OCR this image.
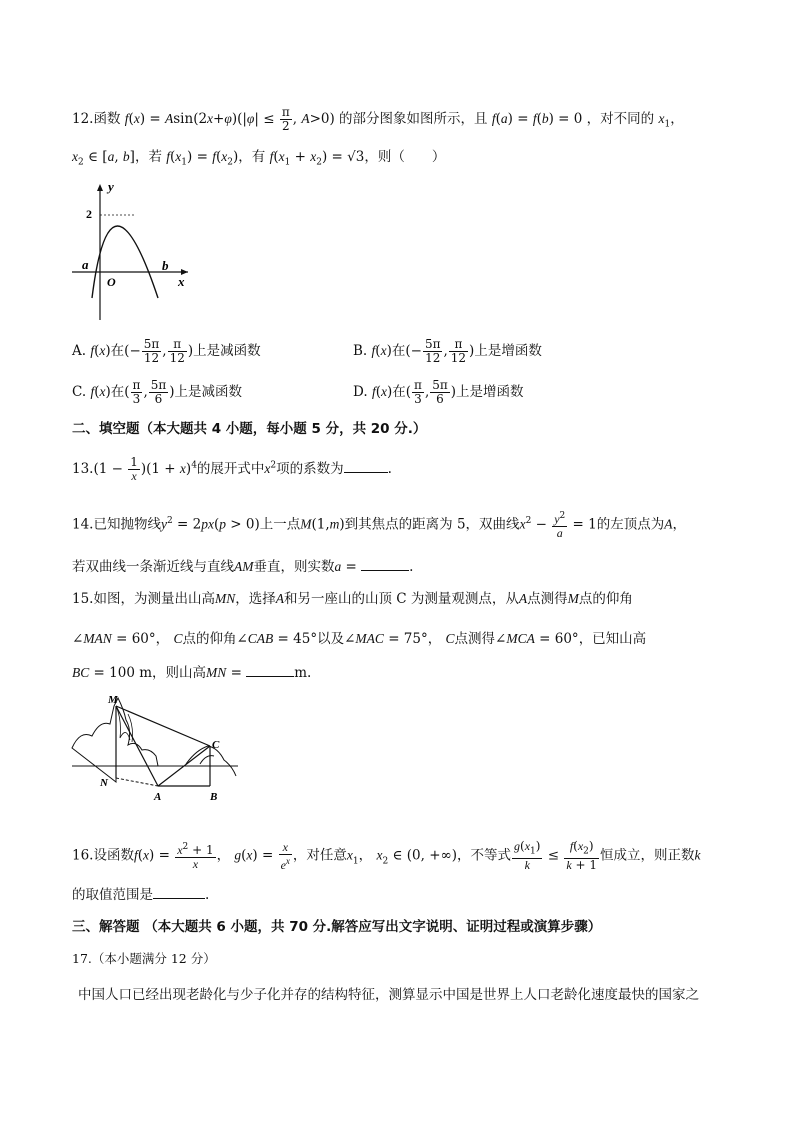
12.函数 $f(x) = Asin(2x+\varphi)(|\varphi| \le \frac{\pi}{2}$ , A>0) 的部分图象如图所示，且 f(a) = f(b) = 0 ，对不同的 $x_1$，
$x_2$ ∈ [a, b]，若 $f(x_1) = f(x_2)$，有 $f(x_1 + x_2) = √3$，则（　　）
2
y
a
O
b
x
A. f(x)在(− $\frac{5\pi}{12}$ , $\frac{\pi}{12}$ )上是减函数	B. f(x)在(− $\frac{5\pi}{12}$ , $\frac{\pi}{12}$ )上是增函数
C. f(x)在( $\frac{\pi}{3}$ , $\frac{5\pi}{6}$ )上是减函数	D. f(x)在( $\frac{\pi}{3}$ , $\frac{5\pi}{6}$ )上是增函数
二、填空题（本大题共 4 小题，每小题 5 分，共 20 分.）
$13.(1 - \frac{1}{x} )(1 + x)^4$的展开式中$x^2$项的系数为	.
14.已知抛物线$y^2 = 2px(p > 0)$上一点M(1,m)到其焦点的距离为 5，双曲线$x^2 - \frac{y^2}{a} = 1$的左顶点为A，
若双曲线一条渐近线与直线AM垂直，则实数a =	.
15.如图，为测量出山高MN，选择A和另一座山的山顶 C 为测量观测点，从A点测得M点的仰角
∠MAN = 60°， C点的仰角∠CAB = 45°以及∠MAC = 75°， C点测得∠MCA = 60°，已知山高
BC = 100 m，则山高MN =	m.
M
N
A	B
C
16.设函数$f(x) = \frac{x^2 + 1}{x}$ ， $g(x) = \frac{x}{e^x}$ ，对任意$x_1$， $x_2$ ∈ (0, +∞)，不等式 $\frac{g(x_1)}{k} \le \frac{f(x_2)}{k + 1}$ 恒成立，则正数k
的取值范围是	.
三、解答题 （本大题共 6 小题，共 70 分.解答应写出文字说明、证明过程或演算步骤）
17.（本小题满分 12 分）
中国人口已经出现老龄化与少子化并存的结构特征，测算显示中国是世界上人口老龄化速度最快的国家之
